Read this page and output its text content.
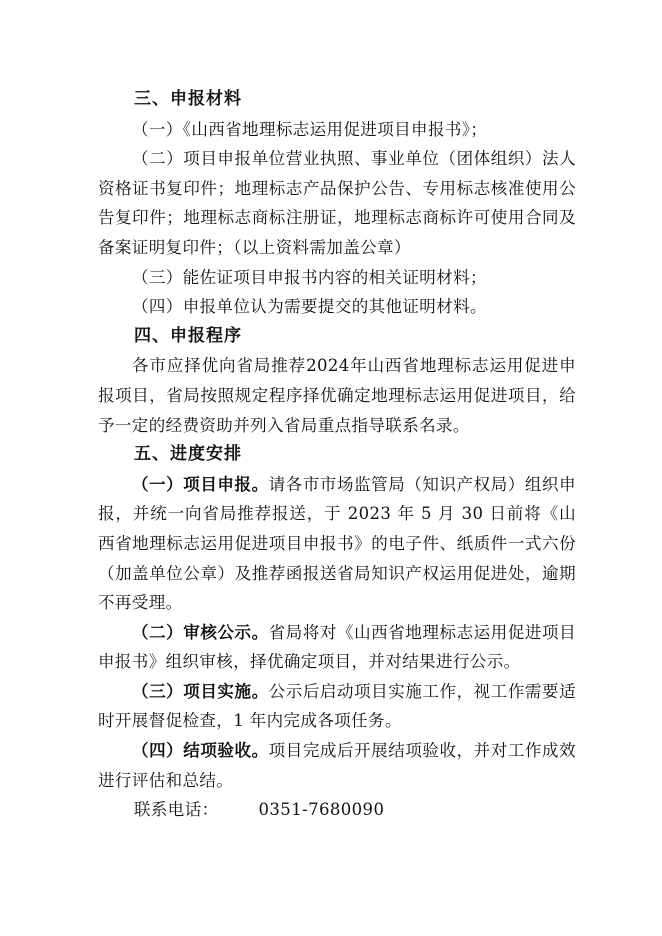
三、申报材料

（一）《山西省地理标志运用促进项目申报书》；

（二）项目申报单位营业执照、事业单位（团体组织）法人资格证书复印件；地理标志产品保护公告、专用标志核准使用公告复印件；地理标志商标注册证，地理标志商标许可使用合同及备案证明复印件；（以上资料需加盖公章）

（三）能佐证项目申报书内容的相关证明材料；

（四）申报单位认为需要提交的其他证明材料。

四、申报程序

各市应择优向省局推荐2024年山西省地理标志运用促进申报项目，省局按照规定程序择优确定地理标志运用促进项目，给予一定的经费资助并列入省局重点指导联系名录。

五、进度安排

（一）项目申报。请各市市场监管局（知识产权局）组织申报，并统一向省局推荐报送，于 2023 年 5 月 30 日前将《山西省地理标志运用促进项目申报书》的电子件、纸质件一式六份（加盖单位公章）及推荐函报送省局知识产权运用促进处，逾期不再受理。

（二）审核公示。省局将对《山西省地理标志运用促进项目申报书》组织审核，择优确定项目，并对结果进行公示。

（三）项目实施。公示后启动项目实施工作，视工作需要适时开展督促检查，1 年内完成各项任务。

（四）结项验收。项目完成后开展结项验收，并对工作成效进行评估和总结。

联系电话： 0351-7680090
